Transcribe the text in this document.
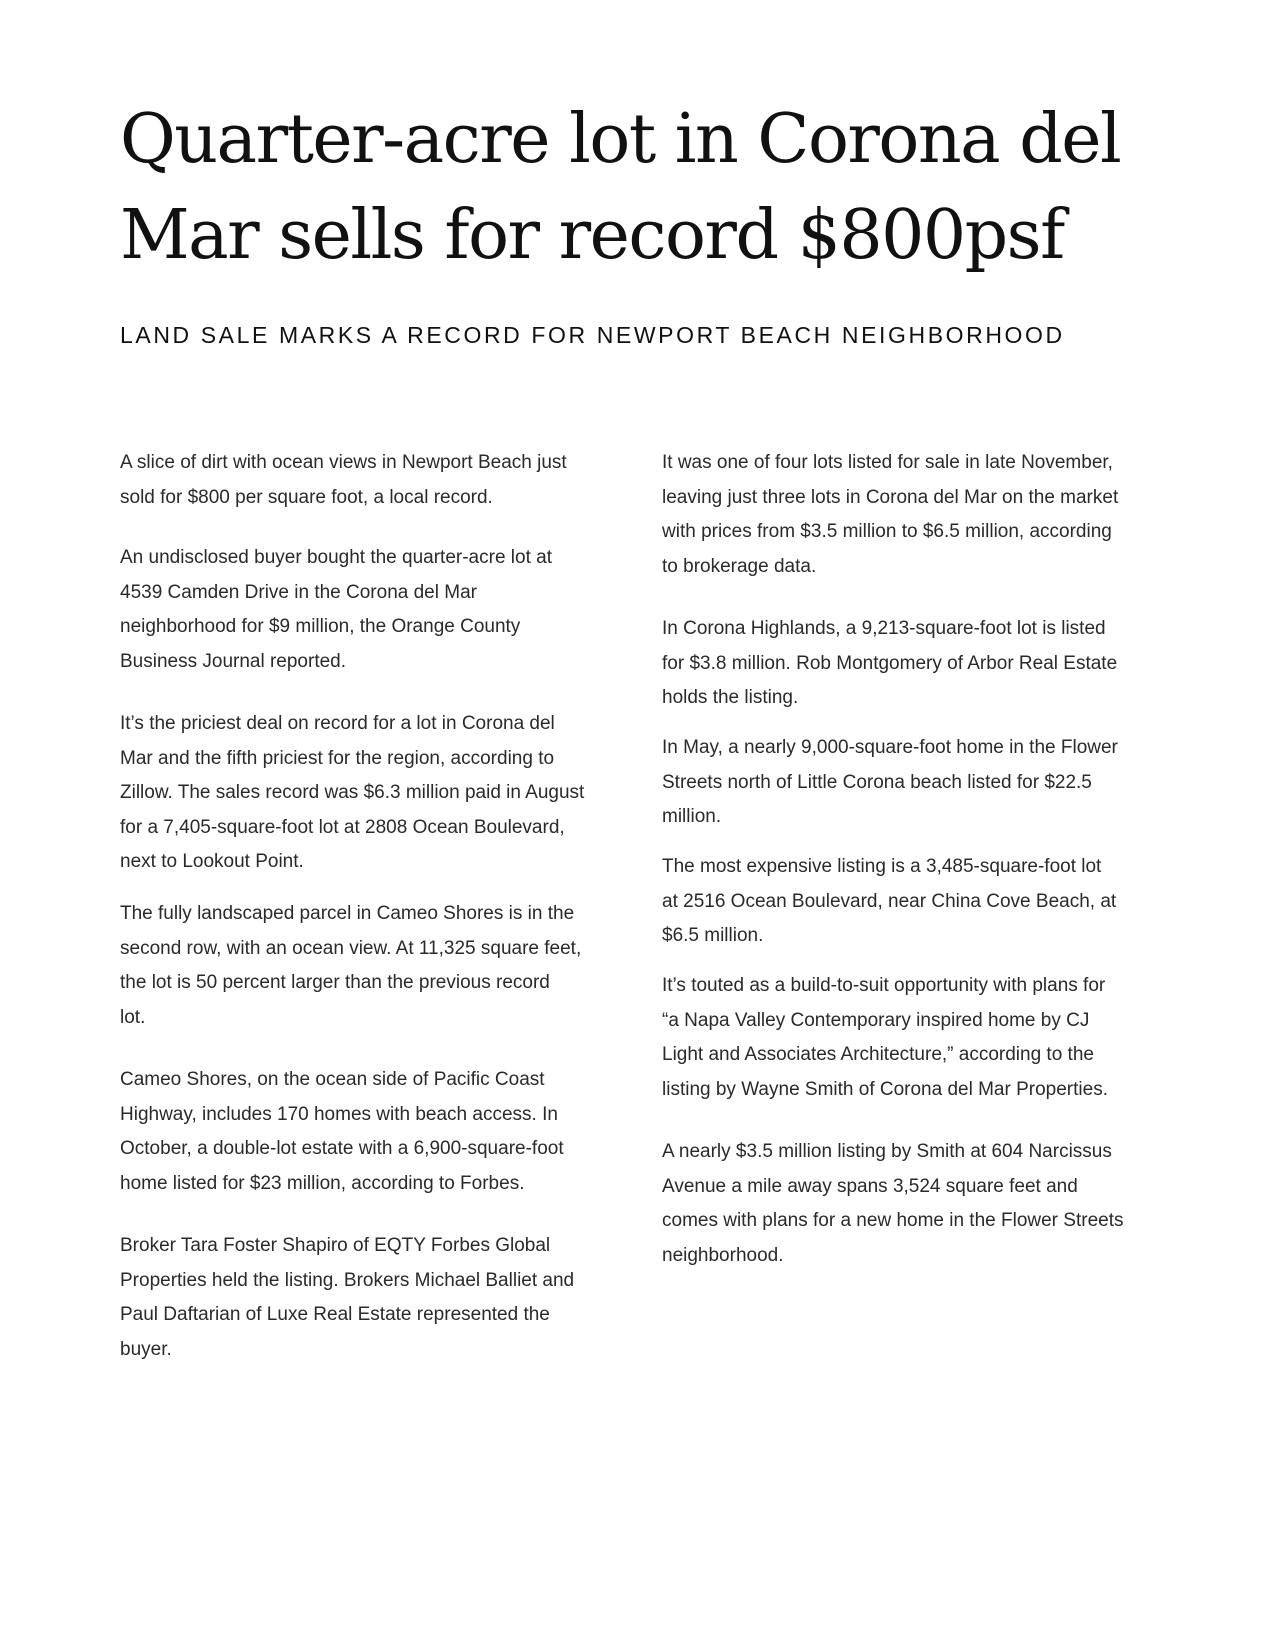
Quarter-acre lot in Corona del
Mar sells for record $800psf
LAND SALE MARKS A RECORD FOR NEWPORT BEACH NEIGHBORHOOD

A slice of dirt with ocean views in Newport Beach just
sold for $800 per square foot, a local record.

An undisclosed buyer bought the quarter-acre lot at
4539 Camden Drive in the Corona del Mar
neighborhood for $9 million, the Orange County
Business Journal reported.

It’s the priciest deal on record for a lot in Corona del
Mar and the fifth priciest for the region, according to
Zillow. The sales record was $6.3 million paid in August
for a 7,405-square-foot lot at 2808 Ocean Boulevard,
next to Lookout Point.

The fully landscaped parcel in Cameo Shores is in the
second row, with an ocean view. At 11,325 square feet,
the lot is 50 percent larger than the previous record
lot.

Cameo Shores, on the ocean side of Pacific Coast
Highway, includes 170 homes with beach access. In
October, a double-lot estate with a 6,900-square-foot
home listed for $23 million, according to Forbes.

Broker Tara Foster Shapiro of EQTY Forbes Global
Properties held the listing. Brokers Michael Balliet and
Paul Daftarian of Luxe Real Estate represented the
buyer.

It was one of four lots listed for sale in late November,
leaving just three lots in Corona del Mar on the market
with prices from $3.5 million to $6.5 million, according
to brokerage data.

In Corona Highlands, a 9,213-square-foot lot is listed
for $3.8 million. Rob Montgomery of Arbor Real Estate
holds the listing.

In May, a nearly 9,000-square-foot home in the Flower
Streets north of Little Corona beach listed for $22.5
million.

The most expensive listing is a 3,485-square-foot lot
at 2516 Ocean Boulevard, near China Cove Beach, at
$6.5 million.

It’s touted as a build-to-suit opportunity with plans for
“a Napa Valley Contemporary inspired home by CJ
Light and Associates Architecture,” according to the
listing by Wayne Smith of Corona del Mar Properties.

A nearly $3.5 million listing by Smith at 604 Narcissus
Avenue a mile away spans 3,524 square feet and
comes with plans for a new home in the Flower Streets
neighborhood.
